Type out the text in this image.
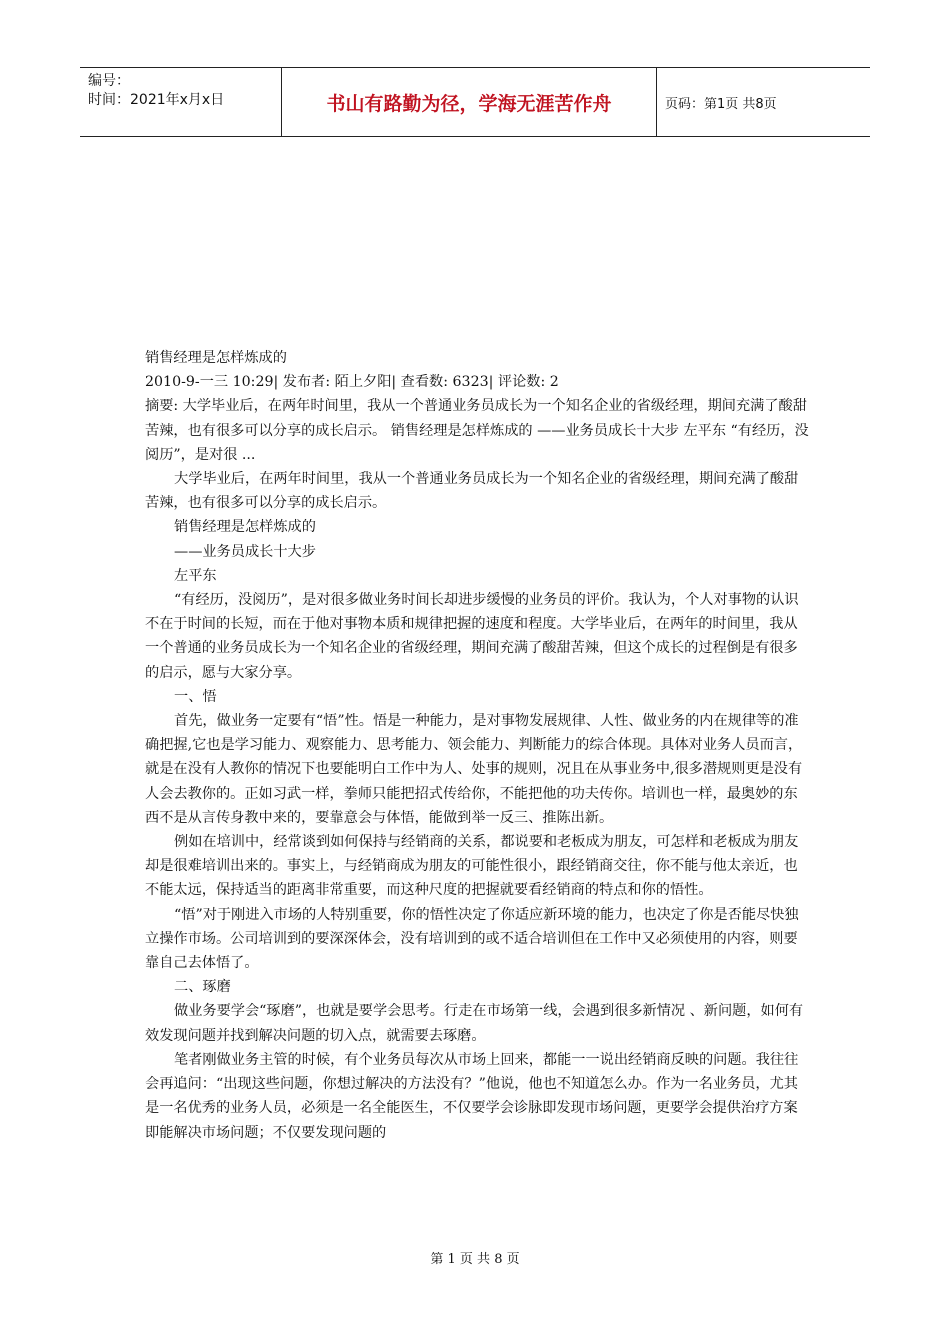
编号：
时间：2021年x月x日	书山有路勤为径，学海无涯苦作舟	页码：第1页 共8页

销售经理是怎样炼成的

2010-9-一三 10:29| 发布者: 陌上夕阳| 查看数: 6323| 评论数: 2

摘要: 大学毕业后，在两年时间里，我从一个普通业务员成长为一个知名企业的省级经理，期间充满了酸甜苦辣，也有很多可以分享的成长启示。 销售经理是怎样炼成的 ——业务员成长十大步 左平东 “有经历，没阅历”，是对很 ...

大学毕业后，在两年时间里，我从一个普通业务员成长为一个知名企业的省级经理，期间充满了酸甜苦辣，也有很多可以分享的成长启示。

销售经理是怎样炼成的

——业务员成长十大步

左平东

“有经历，没阅历”，是对很多做业务时间长却进步缓慢的业务员的评价。我认为，个人对事物的认识不在于时间的长短，而在于他对事物本质和规律把握的速度和程度。大学毕业后，在两年的时间里，我从一个普通的业务员成长为一个知名企业的省级经理，期间充满了酸甜苦辣，但这个成长的过程倒是有很多的启示，愿与大家分享。

一、悟

首先，做业务一定要有“悟”性。悟是一种能力，是对事物发展规律、人性、做业务的内在规律等的准确把握,它也是学习能力、观察能力、思考能力、领会能力、判断能力的综合体现。具体对业务人员而言，就是在没有人教你的情况下也要能明白工作中为人、处事的规则，况且在从事业务中,很多潜规则更是没有人会去教你的。正如习武一样，拳师只能把招式传给你，不能把他的功夫传你。培训也一样，最奥妙的东西不是从言传身教中来的，要靠意会与体悟，能做到举一反三、推陈出新。

例如在培训中，经常谈到如何保持与经销商的关系，都说要和老板成为朋友，可怎样和老板成为朋友却是很难培训出来的。事实上，与经销商成为朋友的可能性很小，跟经销商交往，你不能与他太亲近，也不能太远，保持适当的距离非常重要，而这种尺度的把握就要看经销商的特点和你的悟性。

“悟”对于刚进入市场的人特别重要，你的悟性决定了你适应新环境的能力，也决定了你是否能尽快独立操作市场。公司培训到的要深深体会，没有培训到的或不适合培训但在工作中又必须使用的内容，则要靠自己去体悟了。

二、琢磨

做业务要学会“琢磨”，也就是要学会思考。行走在市场第一线，会遇到很多新情况 、新问题，如何有效发现问题并找到解决问题的切入点，就需要去琢磨。

笔者刚做业务主管的时候，有个业务员每次从市场上回来，都能一一说出经销商反映的问题。我往往会再追问：“出现这些问题，你想过解决的方法没有？”他说，他也不知道怎么办。作为一名业务员，尤其是一名优秀的业务人员，必须是一名全能医生，不仅要学会诊脉即发现市场问题，更要学会提供治疗方案即能解决市场问题；不仅要发现问题的

第 1 页 共 8 页
